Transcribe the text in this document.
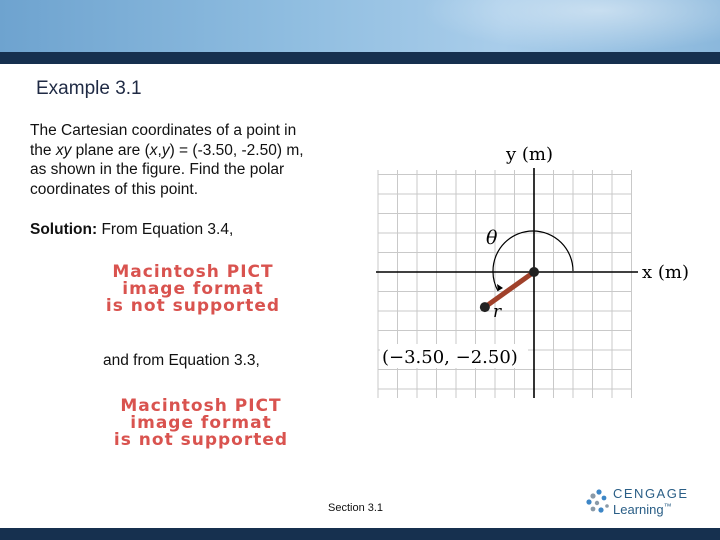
Example 3.1
The Cartesian coordinates of a point in
the xy plane are (x,y) = (-3.50, -2.50) m,
as shown in the figure. Find the polar
coordinates of this point.
Solution: From Equation 3.4,
Macintosh PICT
image format
is not supported
and from Equation 3.3,
Macintosh PICT
image format
is not supported
y (m)
x (m)
θ
r
(−3.50, −2.50)
Section 3.1
CENGAGE
Learning™
